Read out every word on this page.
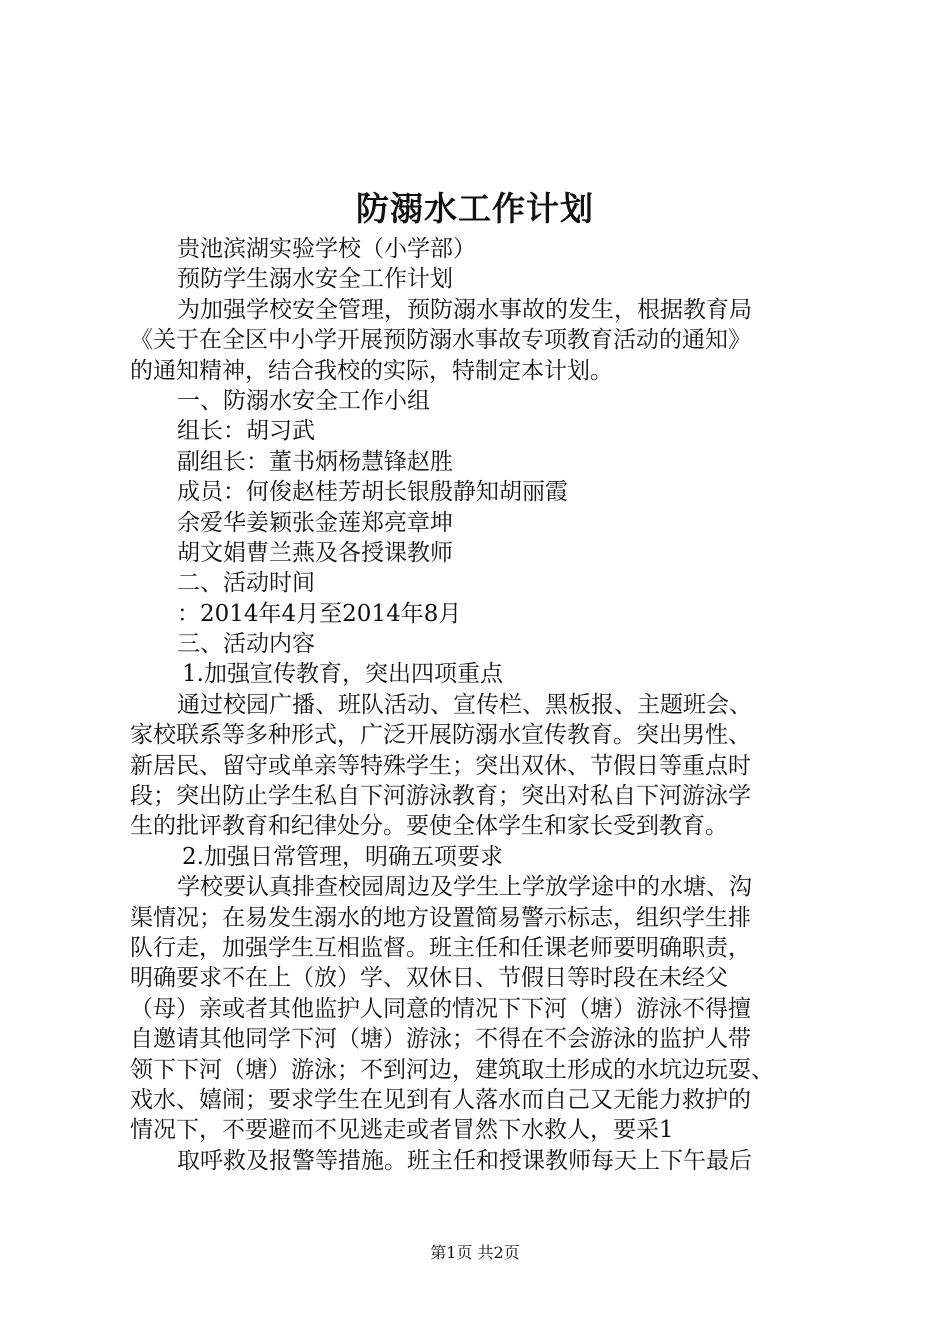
防溺水工作计划

贵池滨湖实验学校（小学部）

预防学生溺水安全工作计划

为加强学校安全管理，预防溺水事故的发生，根据教育局

《关于在全区中小学开展预防溺水事故专项教育活动的通知》

的通知精神，结合我校的实际，特制定本计划。

一、防溺水安全工作小组

组长：胡习武

副组长：董书炳杨慧锋赵胜

成员：何俊赵桂芳胡长银殷静知胡丽霞

余爱华姜颖张金莲郑亮章坤

胡文娟曹兰燕及各授课教师

二、活动时间

：2014年4月至2014年8月

三、活动内容

1.加强宣传教育，突出四项重点

通过校园广播、班队活动、宣传栏、黑板报、主题班会、

家校联系等多种形式，广泛开展防溺水宣传教育。突出男性、

新居民、留守或单亲等特殊学生；突出双休、节假日等重点时

段；突出防止学生私自下河游泳教育；突出对私自下河游泳学

生的批评教育和纪律处分。要使全体学生和家长受到教育。

2.加强日常管理，明确五项要求

学校要认真排查校园周边及学生上学放学途中的水塘、沟

渠情况；在易发生溺水的地方设置简易警示标志，组织学生排

队行走，加强学生互相监督。班主任和任课老师要明确职责，

明确要求不在上（放）学、双休日、节假日等时段在未经父

（母）亲或者其他监护人同意的情况下下河（塘）游泳不得擅

自邀请其他同学下河（塘）游泳；不得在不会游泳的监护人带

领下下河（塘）游泳；不到河边，建筑取土形成的水坑边玩耍、

戏水、嬉闹；要求学生在见到有人落水而自己又无能力救护的

情况下，不要避而不见逃走或者冒然下水救人，要采1

取呼救及报警等措施。班主任和授课教师每天上下午最后

第1页 共2页
